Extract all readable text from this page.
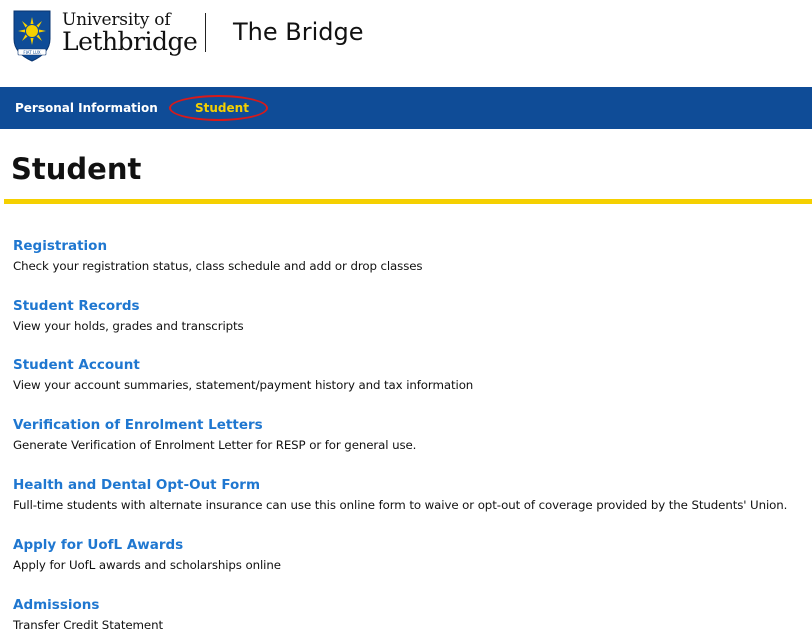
FIAT LUX
University of
Lethbridge The Bridge
Personal Information	Student
Student
Registration
Check your registration status, class schedule and add or drop classes
Student Records
View your holds, grades and transcripts
Student Account
View your account summaries, statement/payment history and tax information
Verification of Enrolment Letters
Generate Verification of Enrolment Letter for RESP or for general use.
Health and Dental Opt-Out Form
Full-time students with alternate insurance can use this online form to waive or opt-out of coverage provided by the Students' Union.
Apply for UofL Awards
Apply for UofL awards and scholarships online
Admissions
Transfer Credit Statement
